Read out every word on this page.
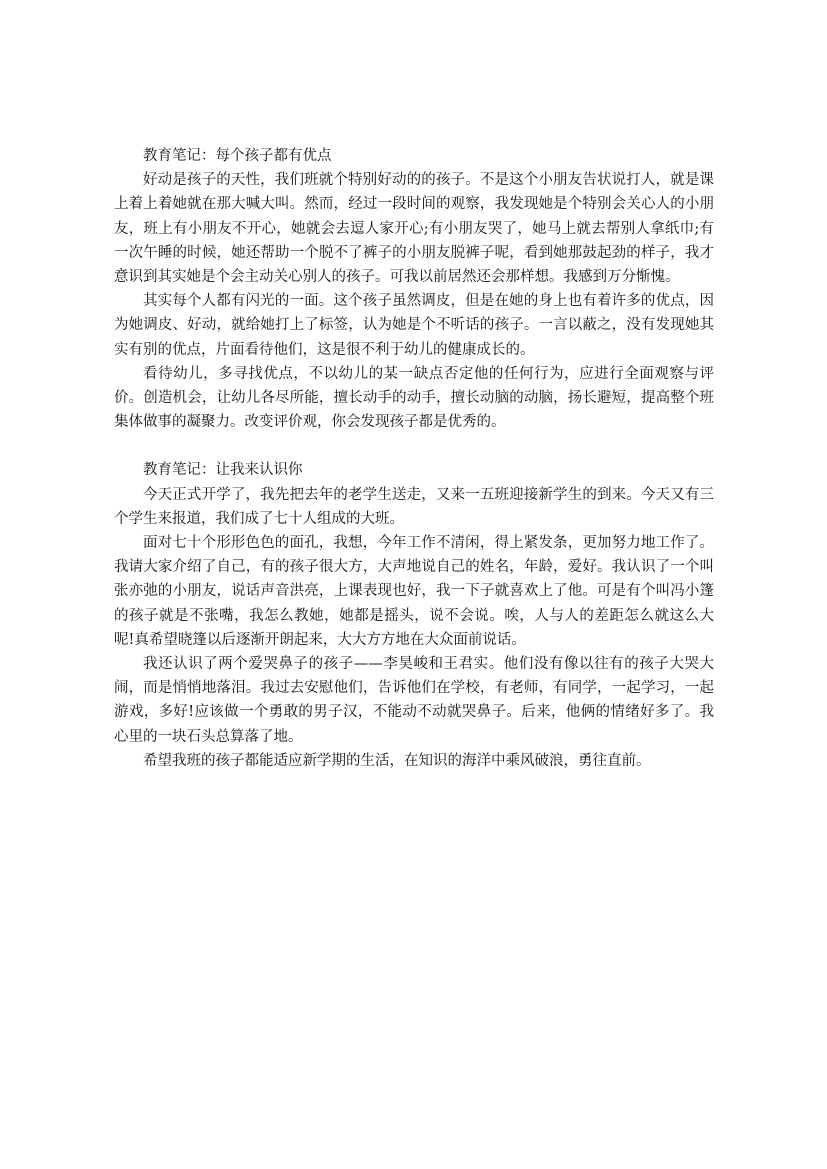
教育笔记：每个孩子都有优点

好动是孩子的天性，我们班就个特别好动的的孩子。不是这个小朋友告状说打人，就是课上着上着她就在那大喊大叫。然而，经过一段时间的观察，我发现她是个特别会关心人的小朋友，班上有小朋友不开心，她就会去逗人家开心;有小朋友哭了，她马上就去帮别人拿纸巾;有一次午睡的时候，她还帮助一个脱不了裤子的小朋友脱裤子呢，看到她那鼓起劲的样子，我才意识到其实她是个会主动关心别人的孩子。可我以前居然还会那样想。我感到万分惭愧。

其实每个人都有闪光的一面。这个孩子虽然调皮，但是在她的身上也有着许多的优点，因为她调皮、好动，就给她打上了标签，认为她是个不听话的孩子。一言以蔽之，没有发现她其实有别的优点，片面看待他们，这是很不利于幼儿的健康成长的。

看待幼儿，多寻找优点，不以幼儿的某一缺点否定他的任何行为，应进行全面观察与评价。创造机会，让幼儿各尽所能，擅长动手的动手，擅长动脑的动脑，扬长避短，提高整个班集体做事的凝聚力。改变评价观，你会发现孩子都是优秀的。

教育笔记：让我来认识你

今天正式开学了，我先把去年的老学生送走，又来一五班迎接新学生的到来。今天又有三个学生来报道，我们成了七十人组成的大班。

面对七十个形形色色的面孔，我想，今年工作不清闲，得上紧发条，更加努力地工作了。我请大家介绍了自己，有的孩子很大方，大声地说自己的姓名，年龄，爱好。我认识了一个叫张亦弛的小朋友，说话声音洪亮，上课表现也好，我一下子就喜欢上了他。可是有个叫冯小篷的孩子就是不张嘴，我怎么教她，她都是摇头，说不会说。唉，人与人的差距怎么就这么大呢!真希望晓篷以后逐渐开朗起来，大大方方地在大众面前说话。

我还认识了两个爱哭鼻子的孩子——李昊峻和王君实。他们没有像以往有的孩子大哭大闹，而是悄悄地落泪。我过去安慰他们，告诉他们在学校，有老师，有同学，一起学习，一起游戏，多好!应该做一个勇敢的男子汉，不能动不动就哭鼻子。后来，他俩的情绪好多了。我心里的一块石头总算落了地。

希望我班的孩子都能适应新学期的生活，在知识的海洋中乘风破浪，勇往直前。
